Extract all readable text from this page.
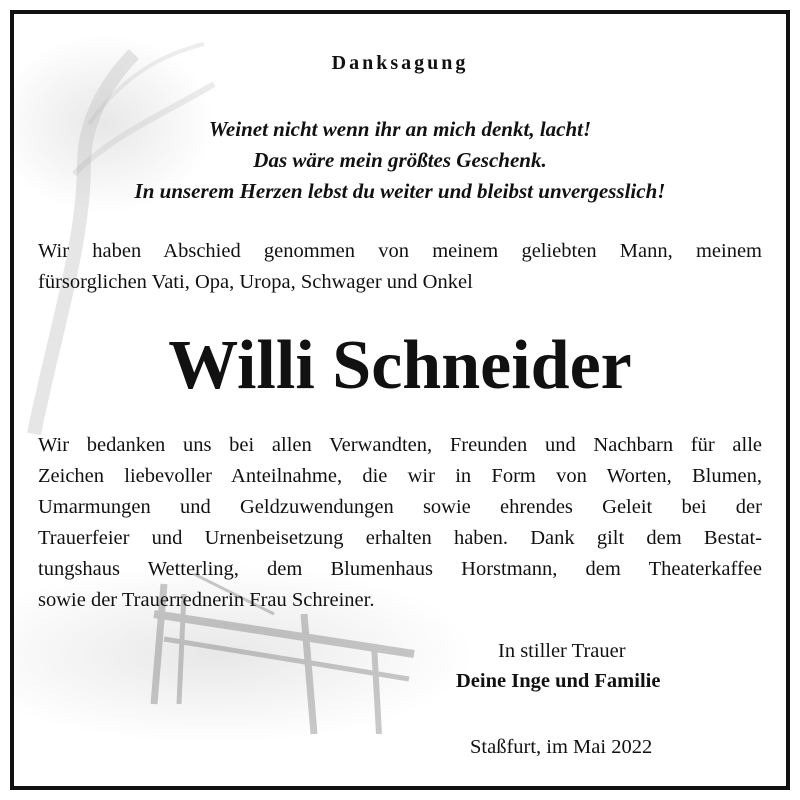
Danksagung
Weinet nicht wenn ihr an mich denkt, lacht!
Das wäre mein größtes Geschenk.
In unserem Herzen lebst du weiter und bleibst unvergesslich!
Wir haben Abschied genommen von meinem geliebten Mann, meinem
fürsorglichen Vati, Opa, Uropa, Schwager und Onkel
Willi Schneider
Wir bedanken uns bei allen Verwandten, Freunden und Nachbarn für alle
Zeichen liebevoller Anteilnahme, die wir in Form von Worten, Blumen,
Umarmungen und Geldzuwendungen sowie ehrendes Geleit bei der
Trauerfeier und Urnenbeisetzung erhalten haben. Dank gilt dem Bestat-
tungshaus Wetterling, dem Blumenhaus Horstmann, dem Theaterkaffee
sowie der Trauerrednerin Frau Schreiner.
In stiller Trauer
Deine Inge und Familie
Staßfurt, im Mai 2022
